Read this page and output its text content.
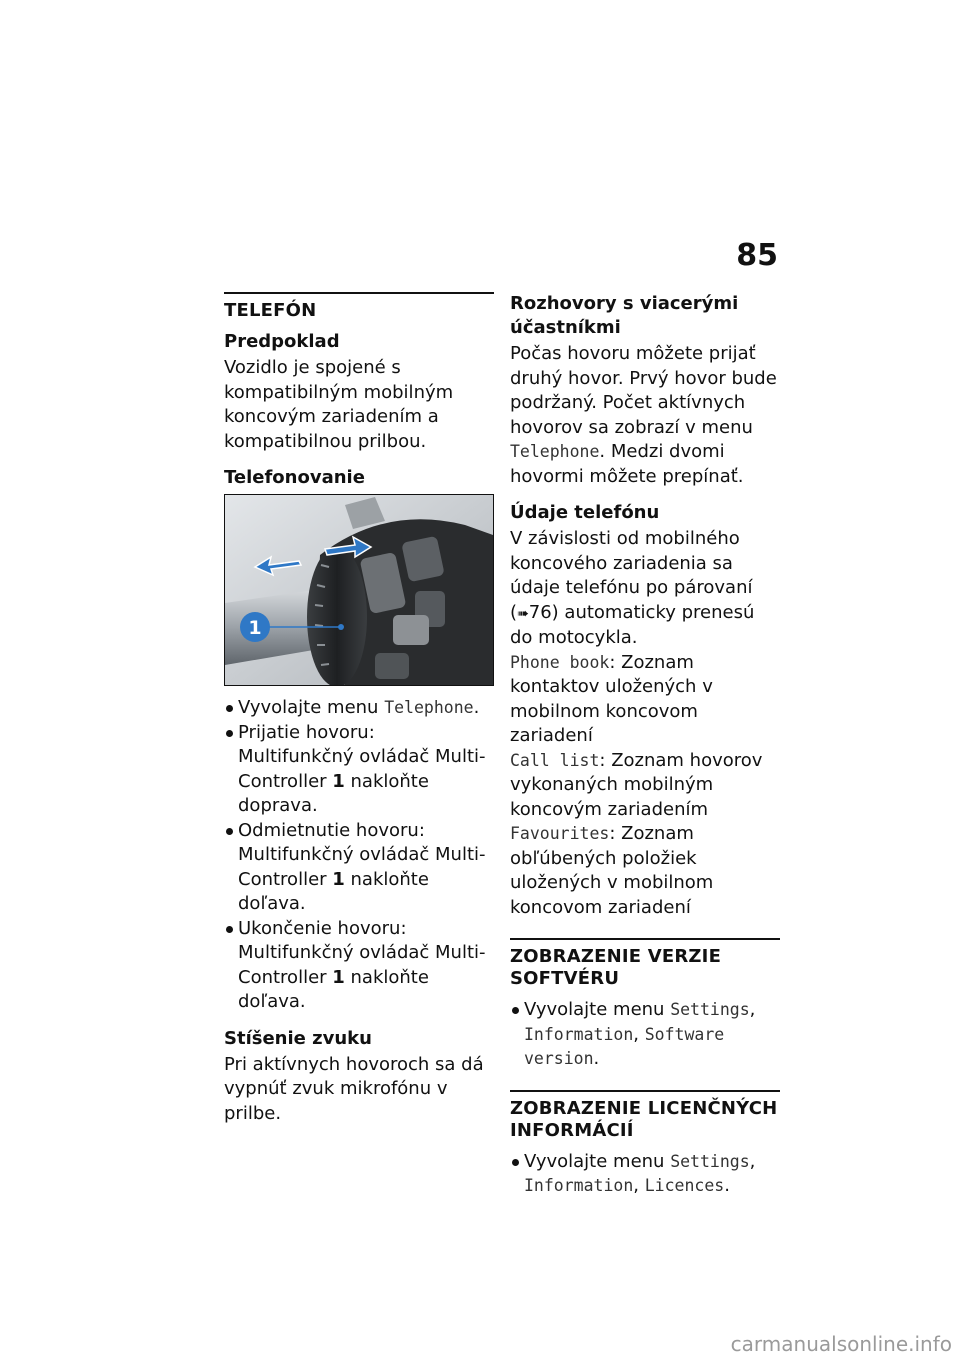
85
TELEFÓN
Predpoklad

Vozidlo je spojené s kompatibilným mobilným koncovým zariadením a kompatibilnou prilbou.

Telefonovanie
1
Vyvolajte menu Telephone.
Prijatie hovoru: Multifunkčný ovládač Multi-Controller 1 nakloňte doprava.
Odmietnutie hovoru: Multifunkčný ovládač Multi-Controller 1 nakloňte doľava.
Ukončenie hovoru: Multifunkčný ovládač Multi-Controller 1 nakloňte doľava.
Stíšenie zvuku

Pri aktívnych hovoroch sa dá vypnúť zvuk mikrofónu v prilbe.

Rozhovory s viacerými účastníkmi

Počas hovoru môžete prijať druhý hovor. Prvý hovor bude podržaný. Počet aktívnych hovorov sa zobrazí v menu Telephone. Medzi dvomi hovormi môžete prepínať.

Údaje telefónu

V závislosti od mobilného koncového zariadenia sa údaje telefónu po párovaní (➠76) automaticky prenesú do motocykla.

Phone book: Zoznam kontaktov uložených v mobilnom koncovom zariadení

Call list: Zoznam hovorov vykonaných mobilným koncovým zariadením

Favourites: Zoznam obľúbených položiek uložených v mobilnom koncovom zariadení

ZOBRAZENIE VERZIE SOFTVÉRU
Vyvolajte menu Settings, Information, Software version.
ZOBRAZENIE LICENČNÝCH INFORMÁCIÍ
Vyvolajte menu Settings, Information, Licences.
carmanualsonline.info
